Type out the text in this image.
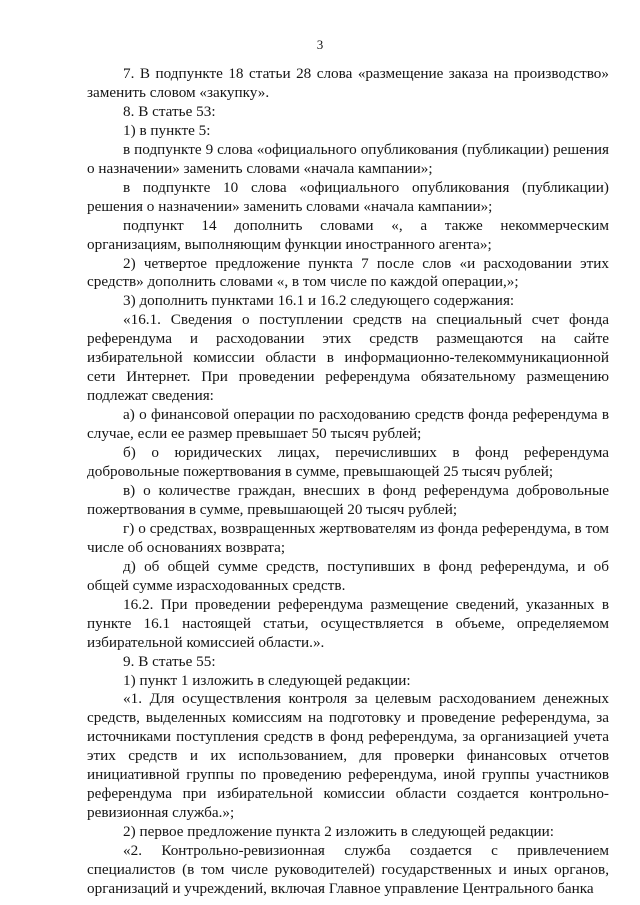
3

7. В подпункте 18 статьи 28 слова «размещение заказа на производство» заменить словом «закупку».

8. В статье 53:

1) в пункте 5:

в подпункте 9 слова «официального опубликования (публикации) решения о назначении» заменить словами «начала кампании»;

в подпункте 10 слова «официального опубликования (публикации) решения о назначении» заменить словами «начала кампании»;

подпункт 14 дополнить словами «, а также некоммерческим организациям, выполняющим функции иностранного агента»;

2) четвертое предложение пункта 7 после слов «и расходовании этих средств» дополнить словами «, в том числе по каждой операции,»;

3) дополнить пунктами 16.1 и 16.2 следующего содержания:

«16.1. Сведения о поступлении средств на специальный счет фонда референдума и расходовании этих средств размещаются на сайте избирательной комиссии области в информационно-телекоммуникационной сети Интернет. При проведении референдума обязательному размещению подлежат сведения:

а) о финансовой операции по расходованию средств фонда референдума в случае, если ее размер превышает 50 тысяч рублей;

б) о юридических лицах, перечисливших в фонд референдума добровольные пожертвования в сумме, превышающей 25 тысяч рублей;

в) о количестве граждан, внесших в фонд референдума добровольные пожертвования в сумме, превышающей 20 тысяч рублей;

г) о средствах, возвращенных жертвователям из фонда референдума, в том числе об основаниях возврата;

д) об общей сумме средств, поступивших в фонд референдума, и об общей сумме израсходованных средств.

16.2. При проведении референдума размещение сведений, указанных в пункте 16.1 настоящей статьи, осуществляется в объеме, определяемом избирательной комиссией области.».

9. В статье 55:

1) пункт 1 изложить в следующей редакции:

«1. Для осуществления контроля за целевым расходованием денежных средств, выделенных комиссиям на подготовку и проведение референдума, за источниками поступления средств в фонд референдума, за организацией учета этих средств и их использованием, для проверки финансовых отчетов инициативной группы по проведению референдума, иной группы участников референдума при избирательной комиссии области создается контрольно-ревизионная служба.»;

2) первое предложение пункта 2 изложить в следующей редакции:

«2. Контрольно-ревизионная служба создается с привлечением специалистов (в том числе руководителей) государственных и иных органов, организаций и учреждений, включая Главное управление Центрального банка
